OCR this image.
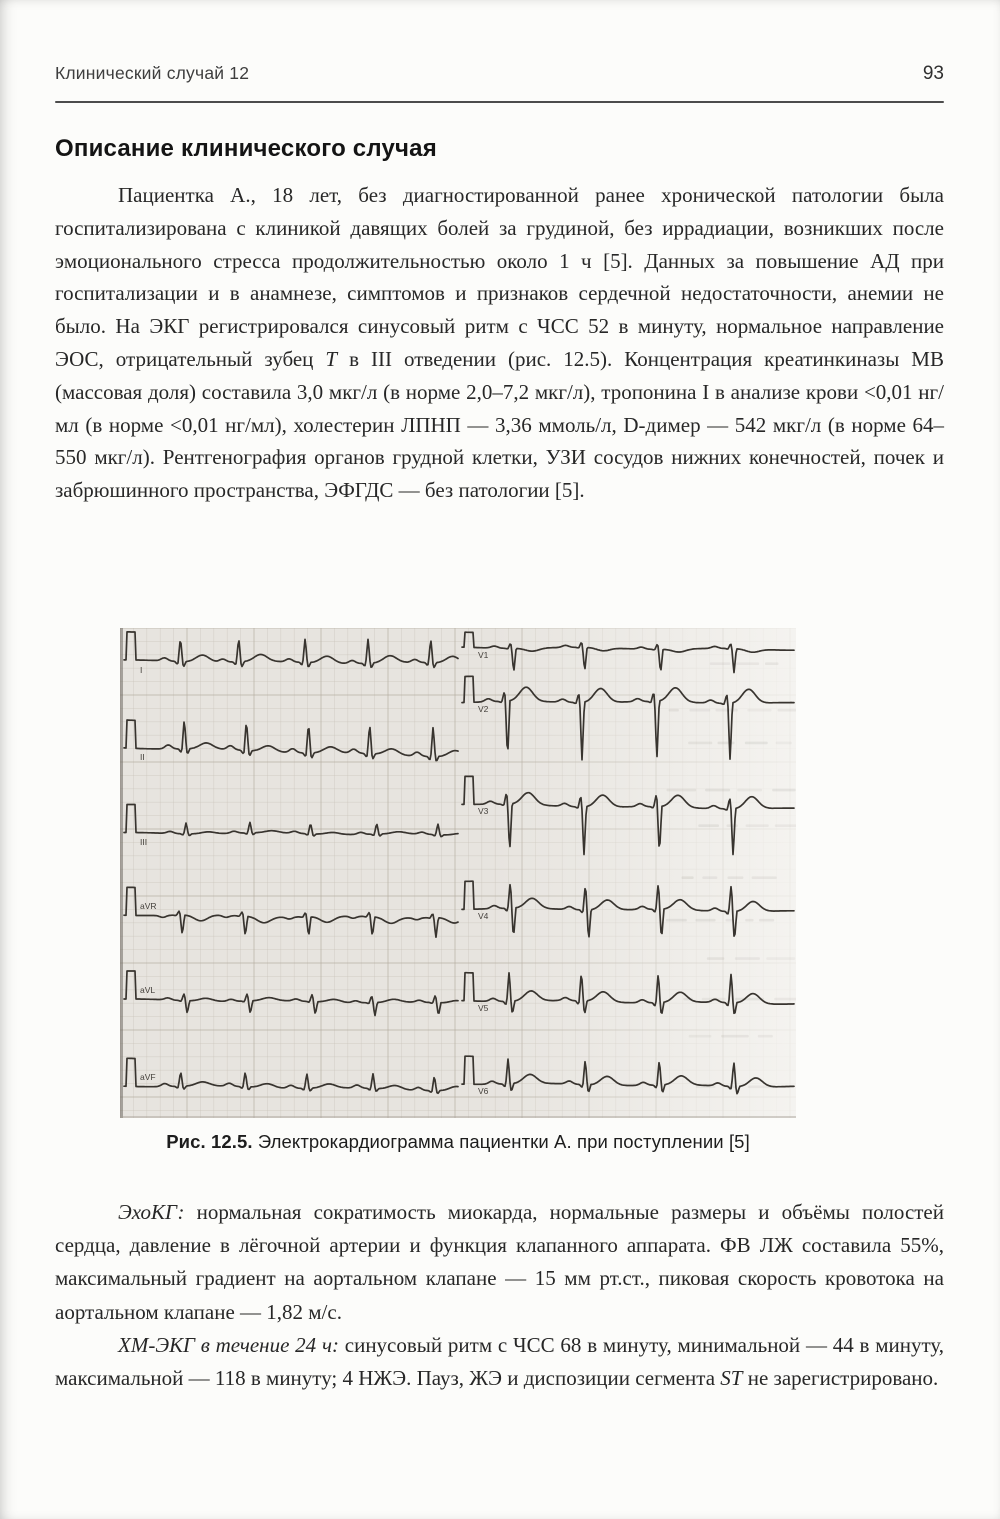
Клинический случай 12	93
Описание клинического случая

Пациентка А., 18 лет, без диагностированной ранее хронической патологии была госпитализирована с клиникой давящих болей за грудиной, без иррадиации, возникших после эмоционального стресса продолжительностью около 1 ч [5]. Данных за повышение АД при госпитализации и в анамнезе, симптомов и признаков сердечной недостаточности, анемии не было. На ЭКГ регистрировался синусовый ритм с ЧСС 52 в минуту, нормальное направление ЭОС, отрицательный зубец Т в III отведении (рис. 12.5). Концентрация креатинкиназы МВ (массовая доля) составила 3,0 мкг/л (в норме 2,0–7,2 мкг/л), тропонина I в анализе крови <0,01 нг/мл (в норме <0,01 нг/мл), холестерин ЛПНП — 3,36 ммоль/л, D-димер — 542 мкг/л (в норме 64–550 мкг/л). Рентгенография органов грудной клетки, УЗИ сосудов нижних конечностей, почек и забрюшинного пространства, ЭФГДС — без патологии [5].

I
II
III
aVR
aVL
aVF
V1
V2
V3
V4
V5
V6
Рис. 12.5. Электрокардиограмма пациентки А. при поступлении [5]

ЭхоКГ: нормальная сократимость миокарда, нормальные размеры и объёмы полостей сердца, давление в лёгочной артерии и функция клапанного аппарата. ФВ ЛЖ составила 55%, максимальный градиент на аортальном клапане — 15 мм рт.ст., пиковая скорость кровотока на аортальном клапане — 1,82 м/с.

ХМ-ЭКГ в течение 24 ч: синусовый ритм с ЧСС 68 в минуту, минимальной — 44 в минуту, максимальной — 118 в минуту; 4 НЖЭ. Пауз, ЖЭ и диспозиции сегмента ST не зарегистрировано.
